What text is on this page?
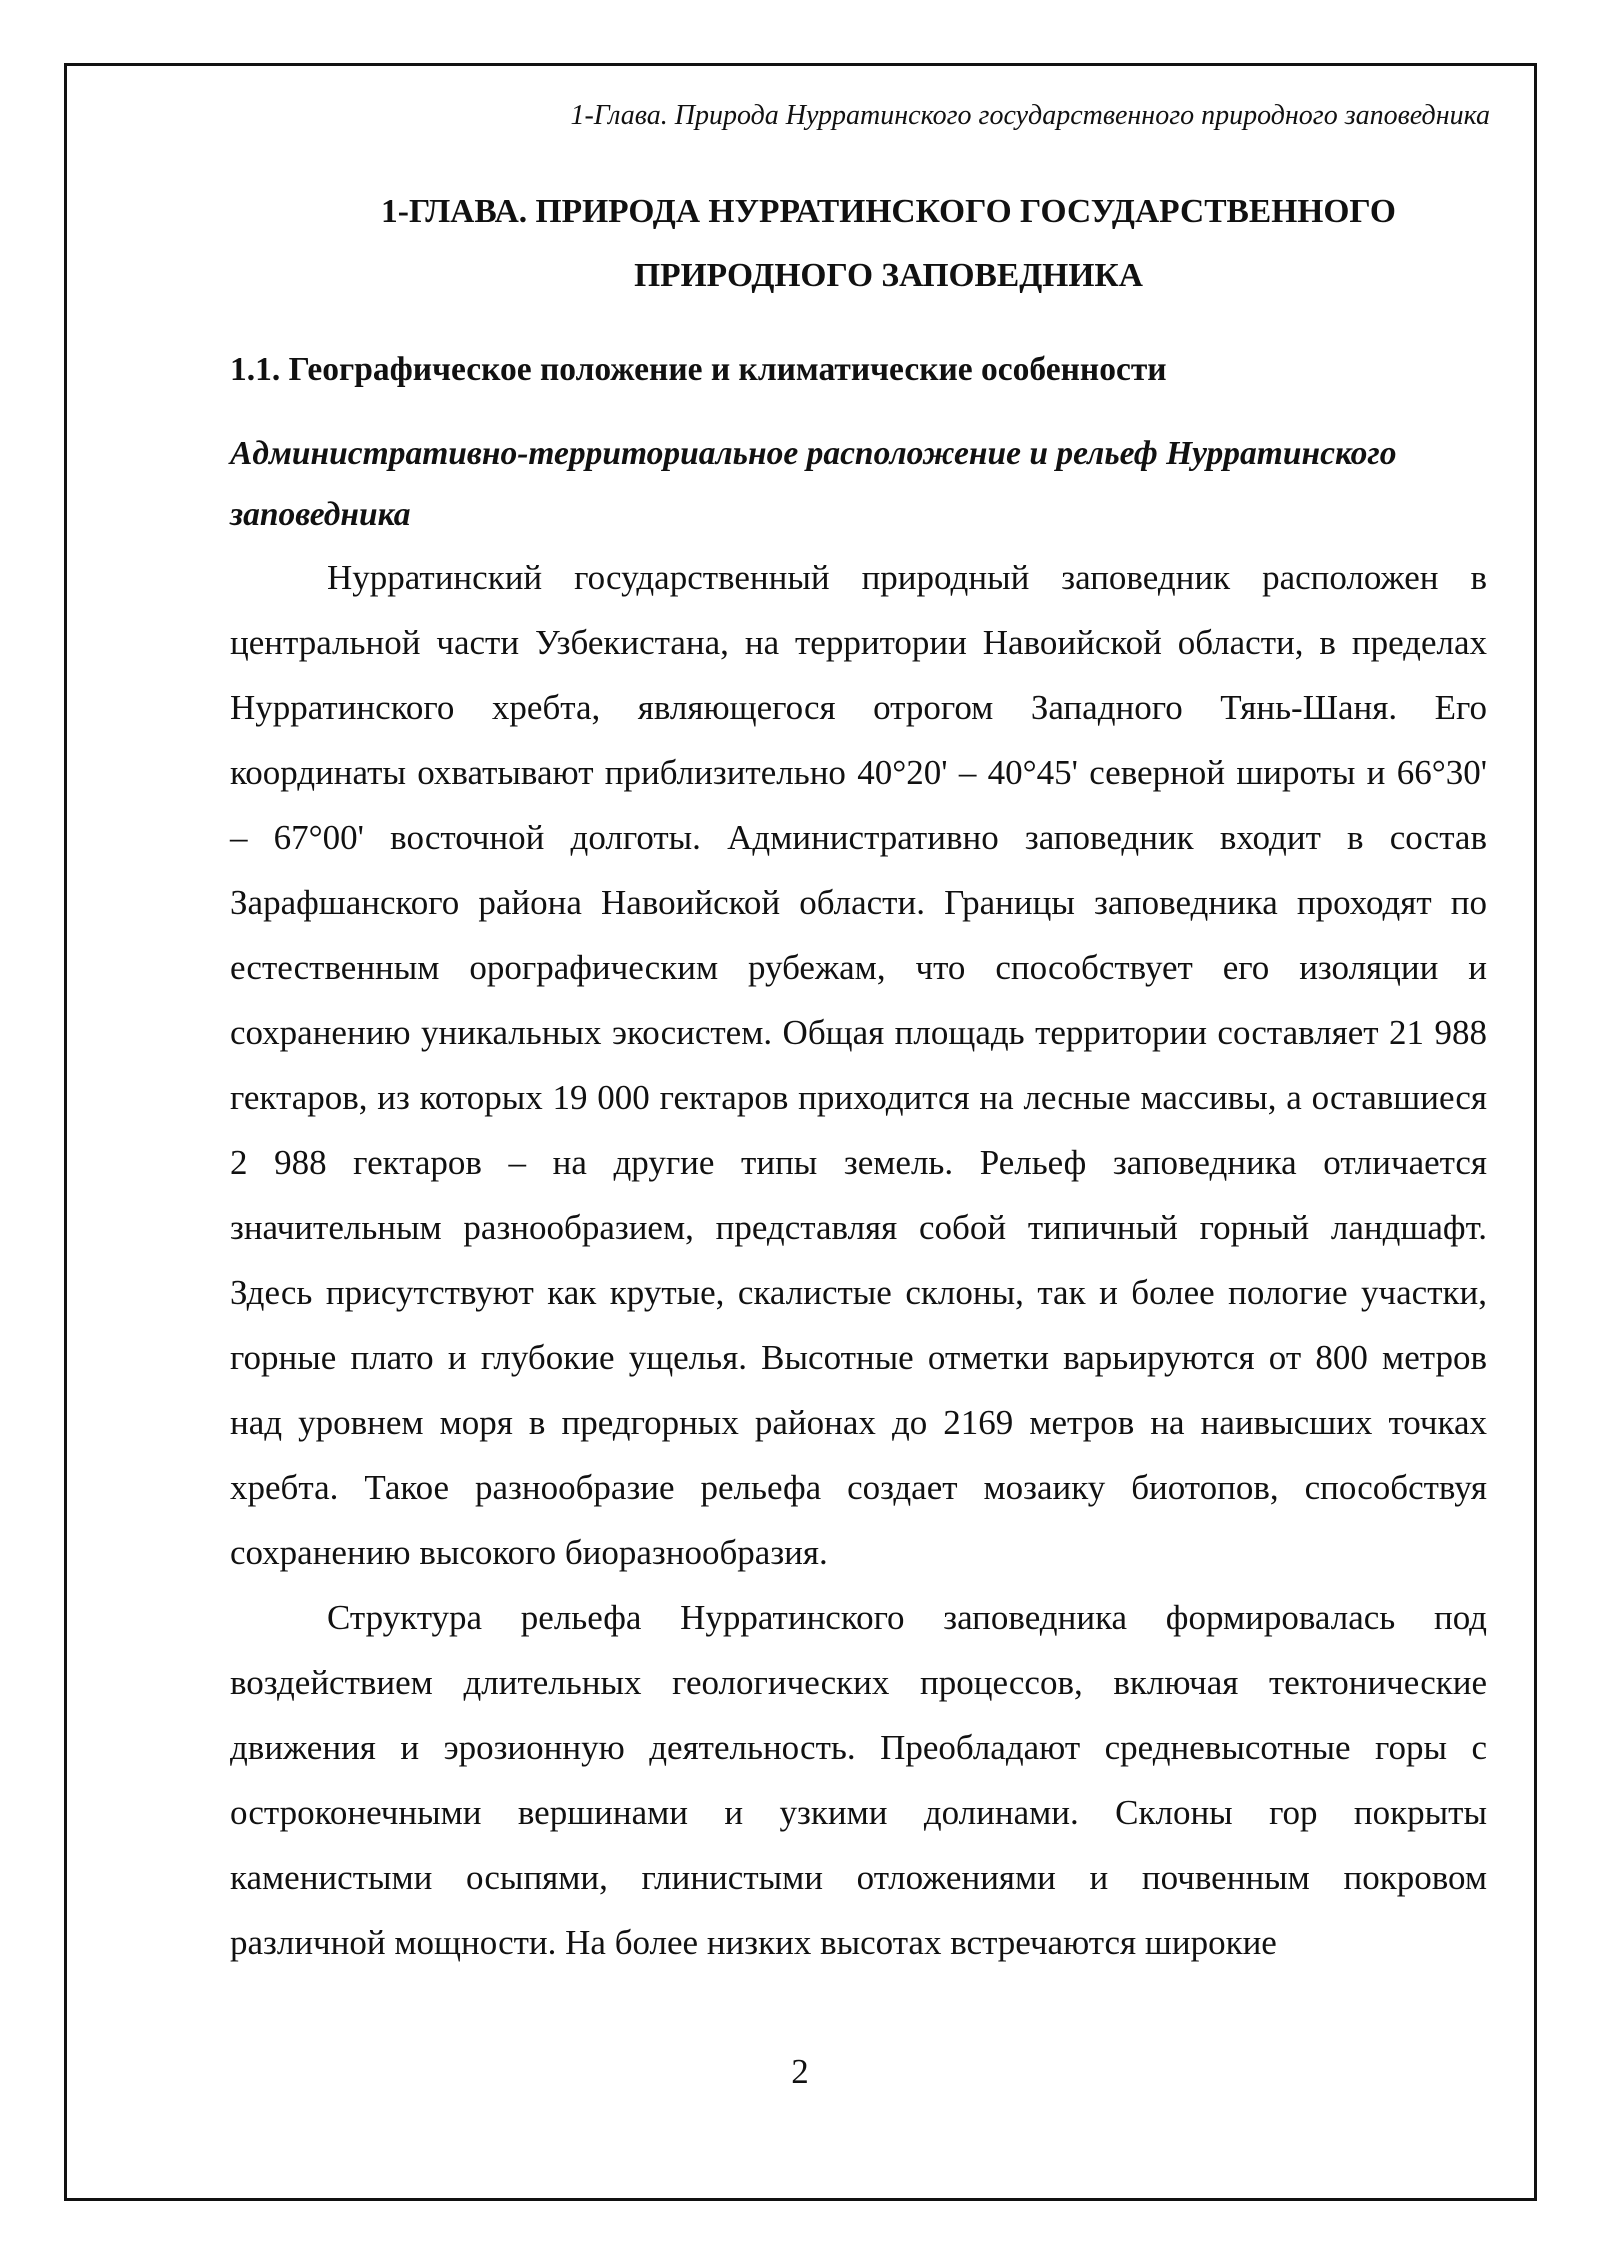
1-Глава. Природа Нурратинского государственного природного заповедника
1-ГЛАВА. ПРИРОДА НУРРАТИНСКОГО ГОСУДАРСТВЕННОГО ПРИРОДНОГО ЗАПОВЕДНИКА
1.1. Географическое положение и климатические особенности
Административно-территориальное расположение и рельеф Нурратинского заповедника

Нурратинский государственный природный заповедник расположен в центральной части Узбекистана, на территории Навоийской области, в пределах Нурратинского хребта, являющегося отрогом Западного Тянь-Шаня. Его координаты охватывают приблизительно 40°20' – 40°45' северной широты и 66°30' – 67°00' восточной долготы. Административно заповедник входит в состав Зарафшанского района Навоийской области. Границы заповедника проходят по естественным орографическим рубежам, что способствует его изоляции и сохранению уникальных экосистем. Общая площадь территории составляет 21 988 гектаров, из которых 19 000 гектаров приходится на лесные массивы, а оставшиеся 2 988 гектаров – на другие типы земель. Рельеф заповедника отличается значительным разнообразием, представляя собой типичный горный ландшафт. Здесь присутствуют как крутые, скалистые склоны, так и более пологие участки, горные плато и глубокие ущелья. Высотные отметки варьируются от 800 метров над уровнем моря в предгорных районах до 2169 метров на наивысших точках хребта. Такое разнообразие рельефа создает мозаику биотопов, способствуя сохранению высокого биоразнообразия.

Структура рельефа Нурратинского заповедника формировалась под воздействием длительных геологических процессов, включая тектонические движения и эрозионную деятельность. Преобладают средневысотные горы с остроконечными вершинами и узкими долинами. Склоны гор покрыты каменистыми осыпями, глинистыми отложениями и почвенным покровом различной мощности. На более низких высотах встречаются широкие

2
